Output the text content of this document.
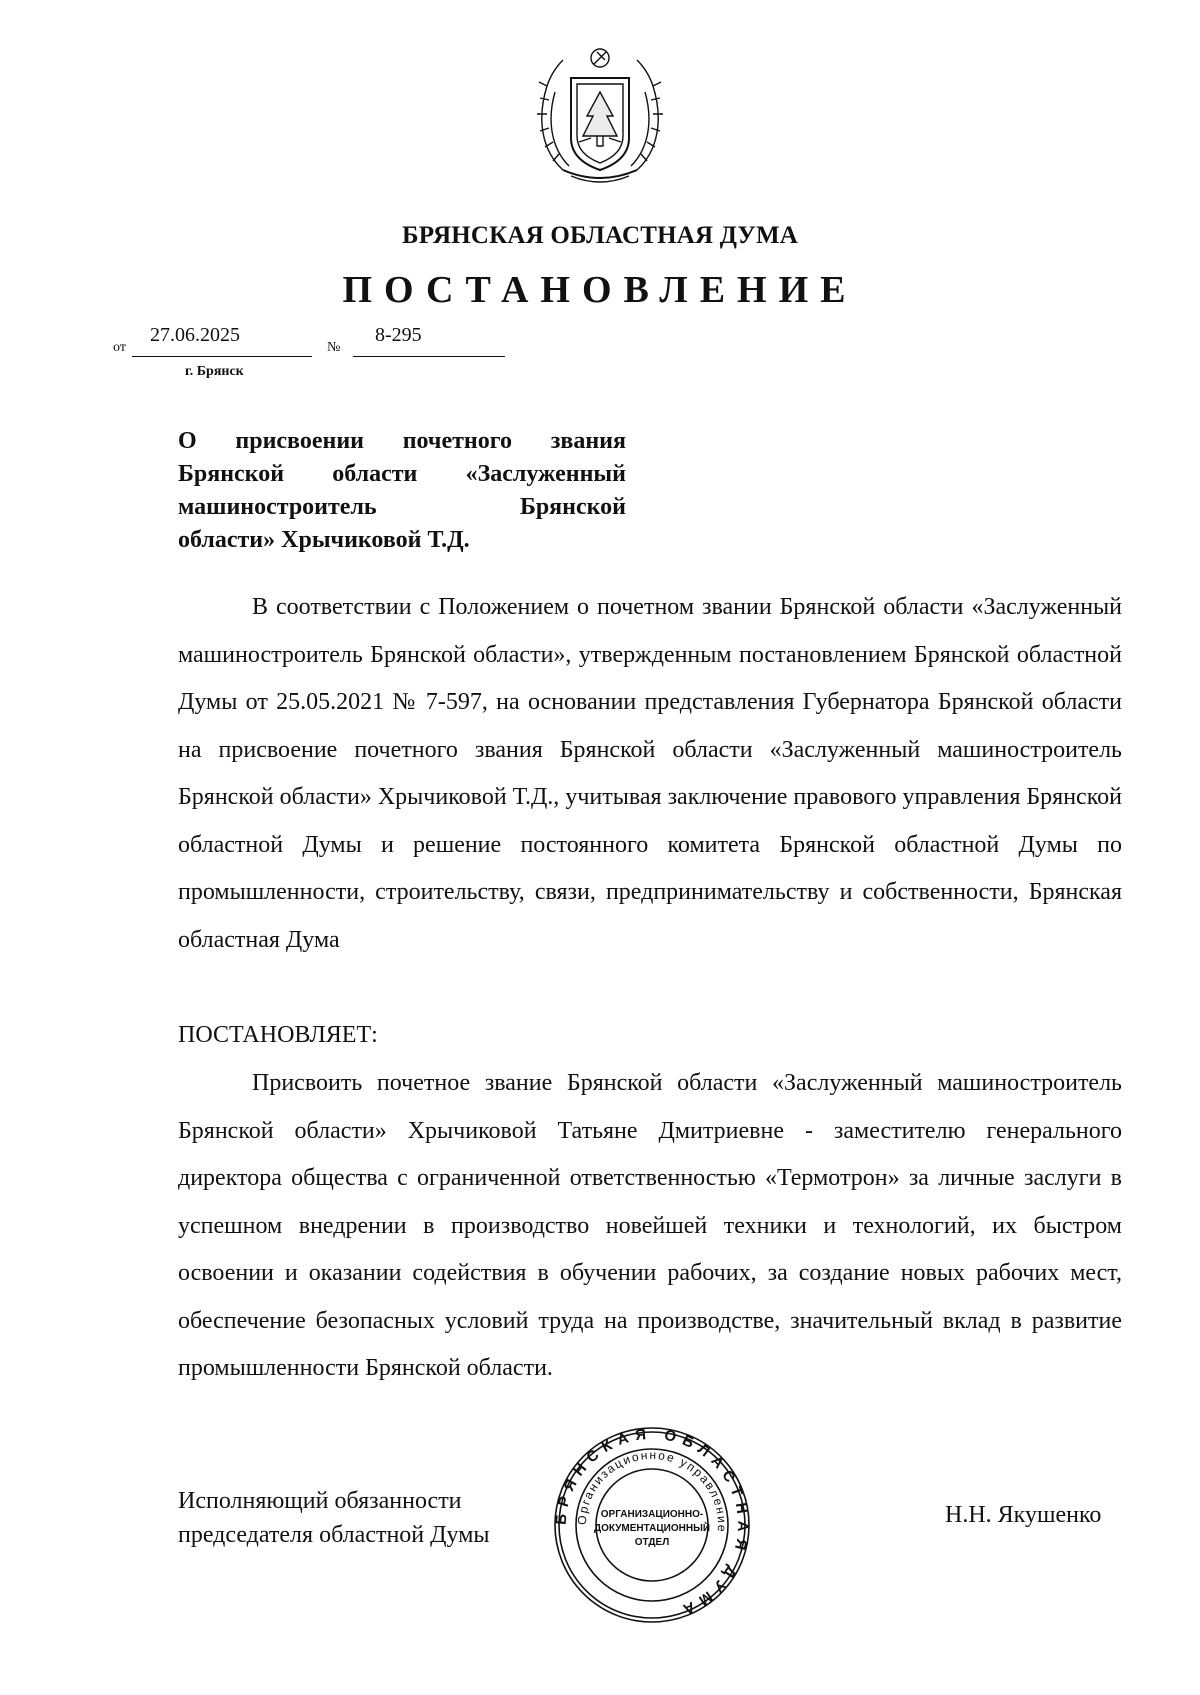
БРЯНСКАЯ ОБЛАСТНАЯ ДУМА
ПОСТАНОВЛЕНИЕ
от
27.06.2025
№
8-295
г. Брянск
О присвоении почетного звания
Брянской области «Заслуженный
машиностроитель Брянской
области» Хрычиковой Т.Д.
В соответствии с Положением о почетном звании Брянской области «Заслуженный машиностроитель Брянской области», утвержденным постановлением Брянской областной Думы от 25.05.2021 № 7-597, на основании представления Губернатора Брянской области на присвоение почетного звания Брянской области «Заслуженный машиностроитель Брянской области» Хрычиковой Т.Д., учитывая заключение правового управления Брянской областной Думы и решение постоянного комитета Брянской областной Думы по промышленности, строительству, связи, предпринимательству и собственности, Брянская областная Дума
ПОСТАНОВЛЯЕТ:
Присвоить почетное звание Брянской области «Заслуженный машиностроитель Брянской области» Хрычиковой Татьяне Дмитриевне - заместителю генерального директора общества с ограниченной ответственностью «Термотрон» за личные заслуги в успешном внедрении в производство новейшей техники и технологий, их быстром освоении и оказании содействия в обучении рабочих, за создание новых рабочих мест, обеспечение безопасных условий труда на производстве, значительный вклад в развитие промышленности Брянской области.
Исполняющий обязанности
председателя областной Думы
Н.Н. Якушенко
БРЯНСКАЯ ОБЛАСТНАЯ ДУМА
Организационное управление
ОРГАНИЗАЦИОННО-
ДОКУМЕНТАЦИОННЫЙ
ОТДЕЛ
